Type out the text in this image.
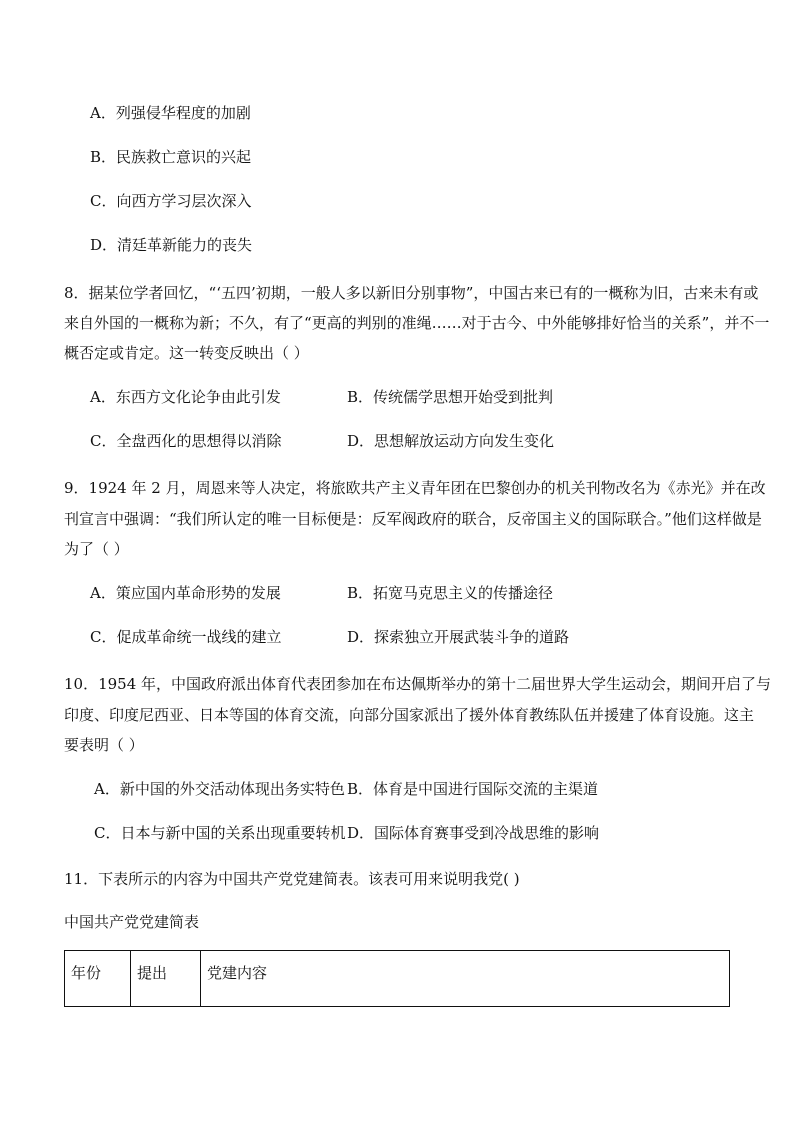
A．列强侵华程度的加剧
B．民族救亡意识的兴起
C．向西方学习层次深入
D．清廷革新能力的丧失
8．据某位学者回忆，“‘五四’初期，一般人多以新旧分别事物”，中国古来已有的一概称为旧，古来未有或
来自外国的一概称为新；不久，有了“更高的判别的准绳……对于古今、中外能够排好恰当的关系”，并不一
概否定或肯定。这一转变反映出（ ）
A．东西方文化论争由此引发	B．传统儒学思想开始受到批判
C．全盘西化的思想得以消除	D．思想解放运动方向发生变化
9．1924 年 2 月，周恩来等人决定，将旅欧共产主义青年团在巴黎创办的机关刊物改名为《赤光》并在改
刊宣言中强调：“我们所认定的唯一目标便是：反军阀政府的联合，反帝国主义的国际联合。”他们这样做是
为了（ ）
A．策应国内革命形势的发展	B．拓宽马克思主义的传播途径
C．促成革命统一战线的建立	D．探索独立开展武装斗争的道路
10．1954 年，中国政府派出体育代表团参加在布达佩斯举办的第十二届世界大学生运动会，期间开启了与
印度、印度尼西亚、日本等国的体育交流，向部分国家派出了援外体育教练队伍并援建了体育设施。这主
要表明（ ）
A．新中国的外交活动体现出务实特色 B．体育是中国进行国际交流的主渠道
C．日本与新中国的关系出现重要转机 D．国际体育赛事受到冷战思维的影响
11．下表所示的内容为中国共产党党建简表。该表可用来说明我党( )
中国共产党党建简表
年份	提出	党建内容
